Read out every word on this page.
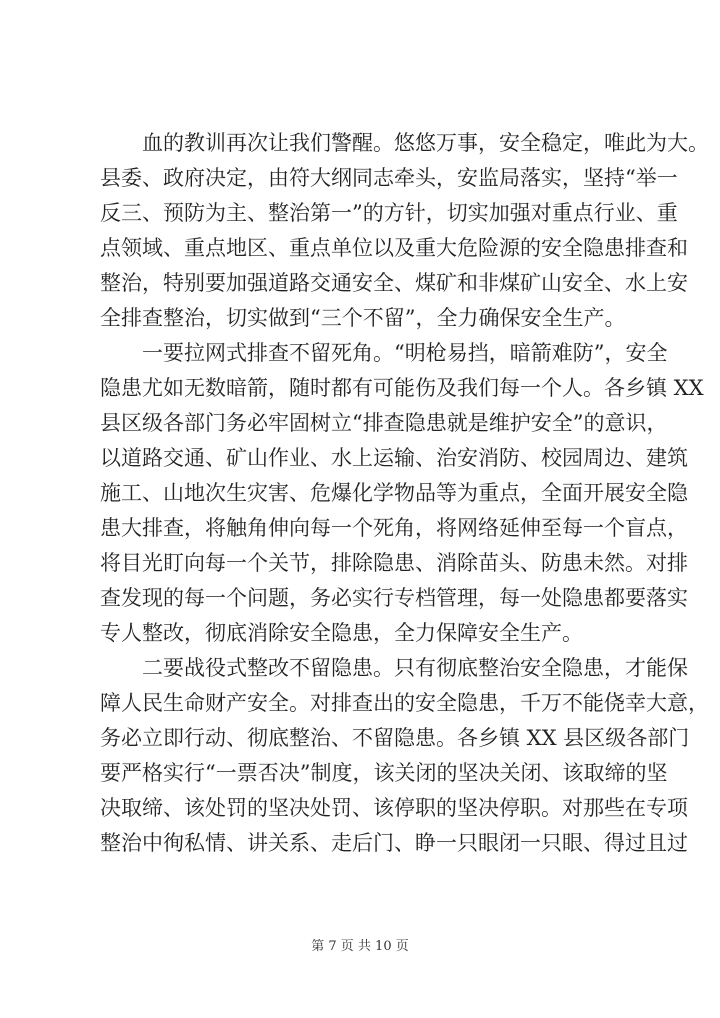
血的教训再次让我们警醒。悠悠万事，安全稳定，唯此为大。
县委、政府决定，由符大纲同志牵头，安监局落实，坚持“举一
反三、预防为主、整治第一”的方针，切实加强对重点行业、重
点领域、重点地区、重点单位以及重大危险源的安全隐患排查和
整治，特别要加强道路交通安全、煤矿和非煤矿山安全、水上安
全排查整治，切实做到“三个不留”，全力确保安全生产。
一要拉网式排查不留死角。“明枪易挡，暗箭难防”，安全
隐患尤如无数暗箭，随时都有可能伤及我们每一个人。各乡镇 XX
县区级各部门务必牢固树立“排查隐患就是维护安全”的意识，
以道路交通、矿山作业、水上运输、治安消防、校园周边、建筑
施工、山地次生灾害、危爆化学物品等为重点，全面开展安全隐
患大排查，将触角伸向每一个死角，将网络延伸至每一个盲点，
将目光盯向每一个关节，排除隐患、消除苗头、防患未然。对排
查发现的每一个问题，务必实行专档管理，每一处隐患都要落实
专人整改，彻底消除安全隐患，全力保障安全生产。
二要战役式整改不留隐患。只有彻底整治安全隐患，才能保
障人民生命财产安全。对排查出的安全隐患，千万不能侥幸大意，
务必立即行动、彻底整治、不留隐患。各乡镇 XX 县区级各部门
要严格实行“一票否决”制度，该关闭的坚决关闭、该取缔的坚
决取缔、该处罚的坚决处罚、该停职的坚决停职。对那些在专项
整治中徇私情、讲关系、走后门、睁一只眼闭一只眼、得过且过
第 7 页 共 10 页
